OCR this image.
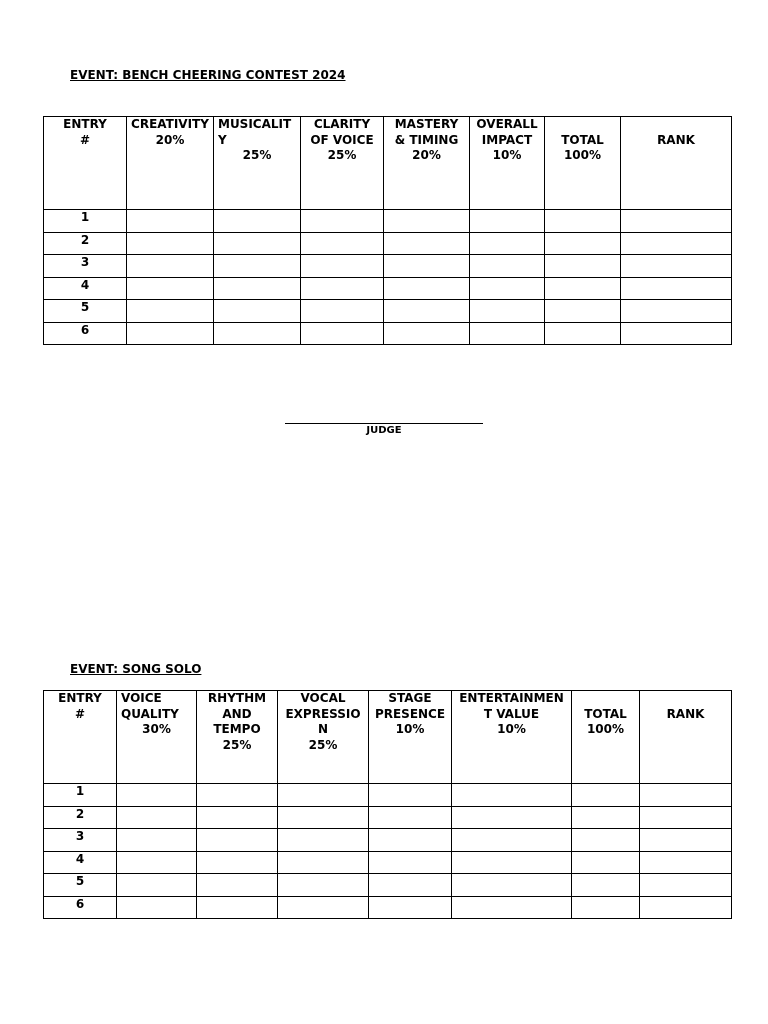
EVENT: BENCH CHEERING CONTEST 2024
ENTRY
#	CREATIVITY
20%	MUSICALIT
Y
25%	CLARITY
OF VOICE
25%	MASTERY
& TIMING
20%	OVERALL
IMPACT
10%	TOTAL
100%	RANK

1							
2							
3							
4							
5							
6							
JUDGE
EVENT: SONG SOLO
ENTRY
#	VOICE
QUALITY
30%	RHYTHM
AND
TEMPO
25%	VOCAL
EXPRESSIO
N
25%	STAGE
PRESENCE
10%	ENTERTAINMEN
T VALUE
10%	TOTAL
100%	RANK

1							
2							
3							
4							
5							
6							
